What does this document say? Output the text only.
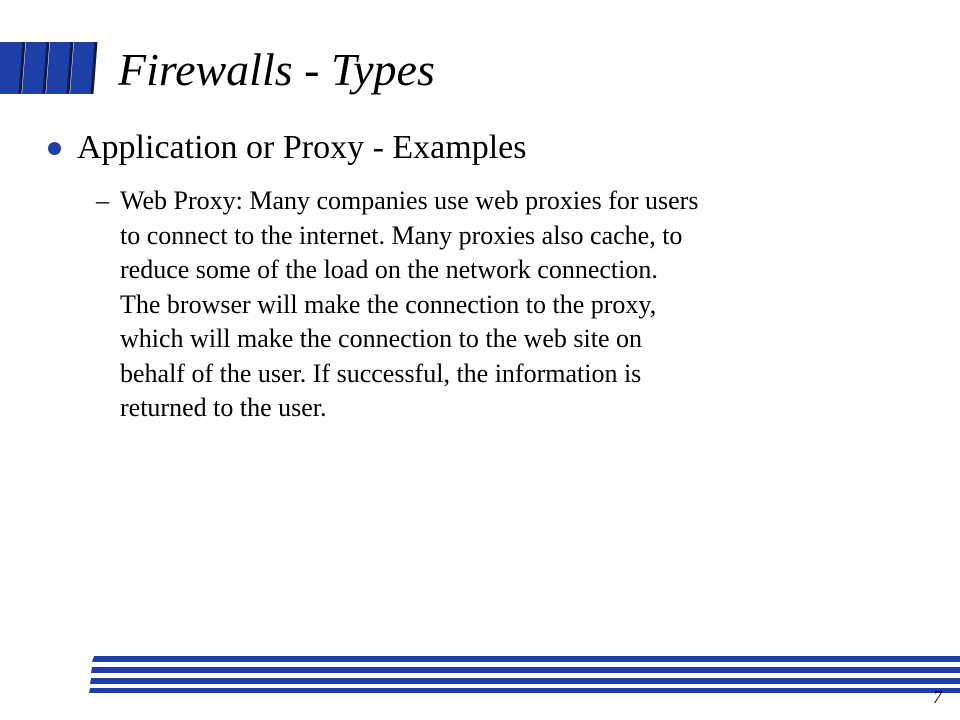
Firewalls - Types
Application or Proxy - Examples
– Web Proxy: Many companies use web proxies for users
to connect to the internet. Many proxies also cache, to
reduce some of the load on the network connection.
The browser will make the connection to the proxy,
which will make the connection to the web site on
behalf of the user. If successful, the information is
returned to the user.
7
